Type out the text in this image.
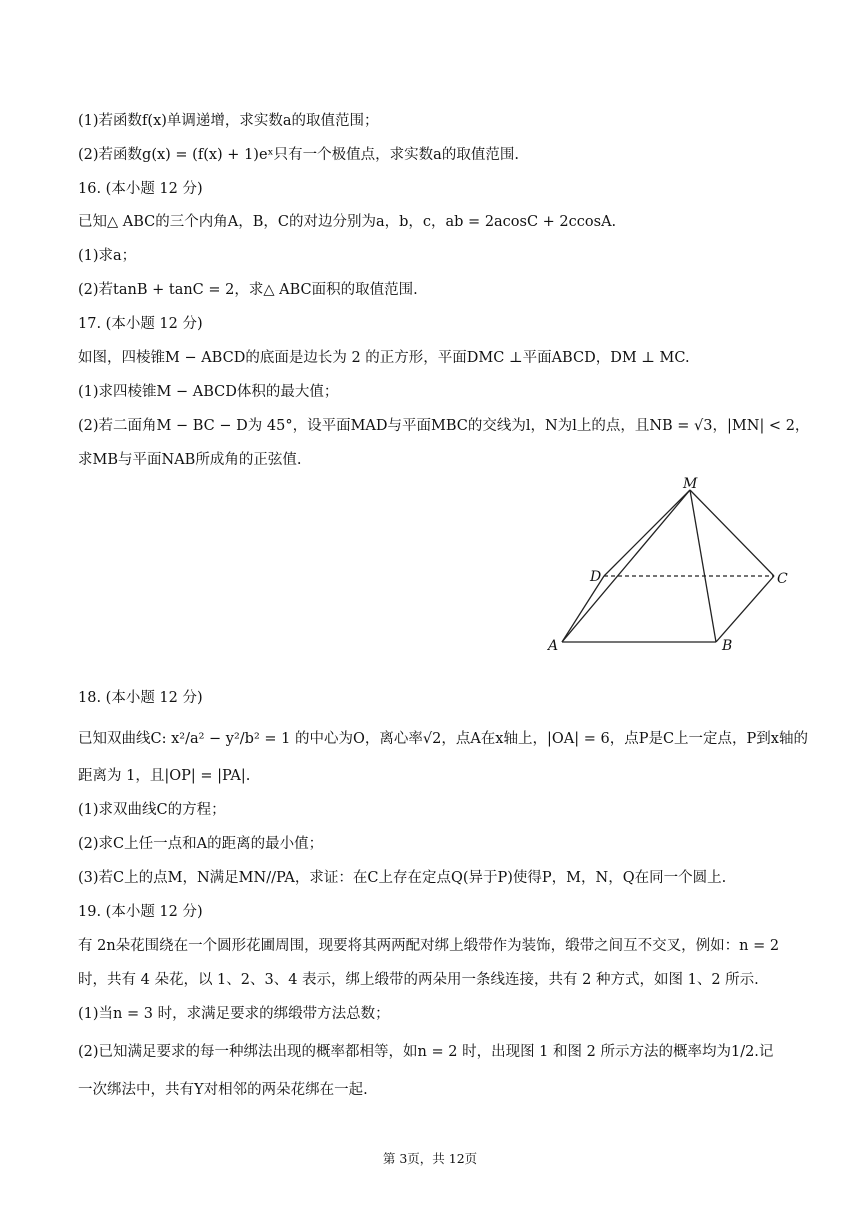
(1)若函数f(x)单调递增，求实数a的取值范围；
(2)若函数g(x) = (f(x) + 1)eˣ只有一个极值点，求实数a的取值范围.
16. (本小题 12 分)
已知△ ABC的三个内角A，B，C的对边分别为a，b，c，ab = 2acosC + 2ccosA.
(1)求a；
(2)若tanB + tanC = 2，求△ ABC面积的取值范围.
17. (本小题 12 分)
如图，四棱锥M − ABCD的底面是边长为 2 的正方形，平面DMC ⊥平面ABCD，DM ⊥ MC.
(1)求四棱锥M − ABCD体积的最大值；
(2)若二面角M − BC − D为 45°，设平面MAD与平面MBC的交线为l，N为l上的点，且NB = √3，|MN| < 2，
求MB与平面NAB所成角的正弦值.
M
D	C
A	B
18. (本小题 12 分)
已知双曲线C: x²/a² − y²/b² = 1 的中心为O，离心率√2，点A在x轴上，|OA| = 6，点P是C上一定点，P到x轴的
距离为 1，且|OP| = |PA|.
(1)求双曲线C的方程；
(2)求C上任一点和A的距离的最小值；
(3)若C上的点M，N满足MN//PA，求证：在C上存在定点Q(异于P)使得P，M，N，Q在同一个圆上.
19. (本小题 12 分)
有 2n朵花围绕在一个圆形花圃周围，现要将其两两配对绑上缎带作为装饰，缎带之间互不交叉，例如：n = 2
时，共有 4 朵花，以 1、2、3、4 表示，绑上缎带的两朵用一条线连接，共有 2 种方式，如图 1、2 所示.
(1)当n = 3 时，求满足要求的绑缎带方法总数；
(2)已知满足要求的每一种绑法出现的概率都相等，如n = 2 时，出现图 1 和图 2 所示方法的概率均为1/2.记
一次绑法中，共有Y对相邻的两朵花绑在一起.
第 3页，共 12页
